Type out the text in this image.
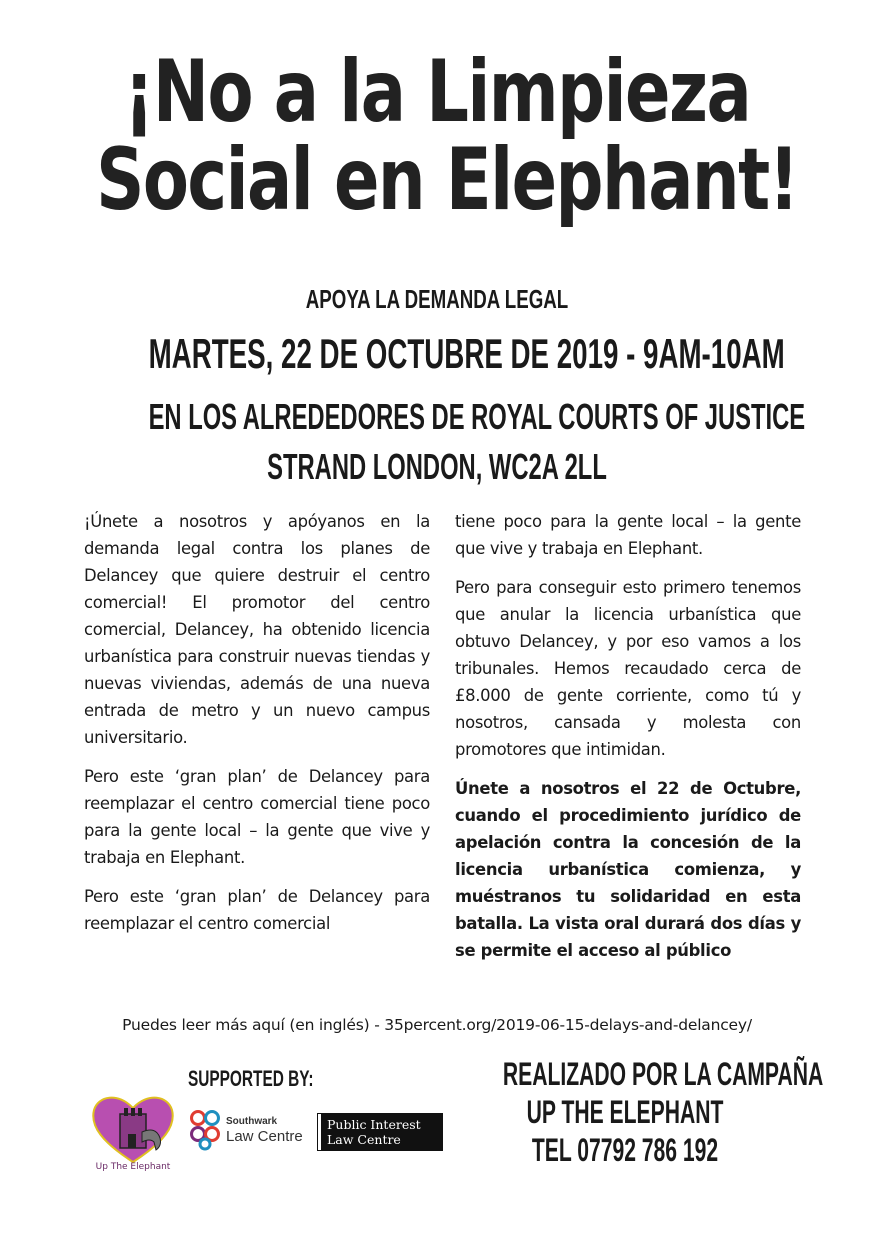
¡No a la Limpieza
Social en Elephant!
APOYA LA DEMANDA LEGAL
MARTES, 22 DE OCTUBRE DE 2019 - 9AM-10AM
EN LOS ALREDEDORES DE ROYAL COURTS OF JUSTICE
STRAND LONDON, WC2A 2LL

¡Únete a nosotros y apóyanos en la demanda legal contra los planes de Delancey que quiere destruir el centro comercial! El promotor del centro comercial, Delancey, ha obtenido licencia urbanística para construir nuevas tiendas y nuevas viviendas, además de una nueva entrada de metro y un nuevo campus universitario.

Pero este ‘gran plan’ de Delancey para reemplazar el centro comercial tiene poco para la gente local – la gente que vive y trabaja en Elephant.

Pero este ‘gran plan’ de Delancey para reemplazar el centro comercial

tiene poco para la gente local – la gente que vive y trabaja en Elephant.

Pero para conseguir esto primero tenemos que anular la licencia urbanística que obtuvo Delancey, y por eso vamos a los tribunales. Hemos recaudado cerca de £8.000 de gente corriente, como tú y nosotros, cansada y molesta con promotores que intimidan.

Únete a nosotros el 22 de Octubre, cuando el procedimiento jurídico de apelación contra la concesión de la licencia urbanística comienza, y muéstranos tu solidaridad en esta batalla. La vista oral durará dos días y se permite el acceso al público

Puedes leer más aquí (en inglés) - 35percent.org/2019-06-15-delays-and-delancey/
SUPPORTED BY:
Up The Elephant
Southwark
Law Centre
Public Interest
Law Centre
REALIZADO POR LA CAMPAÑA
UP THE ELEPHANT
TEL 07792 786 192
